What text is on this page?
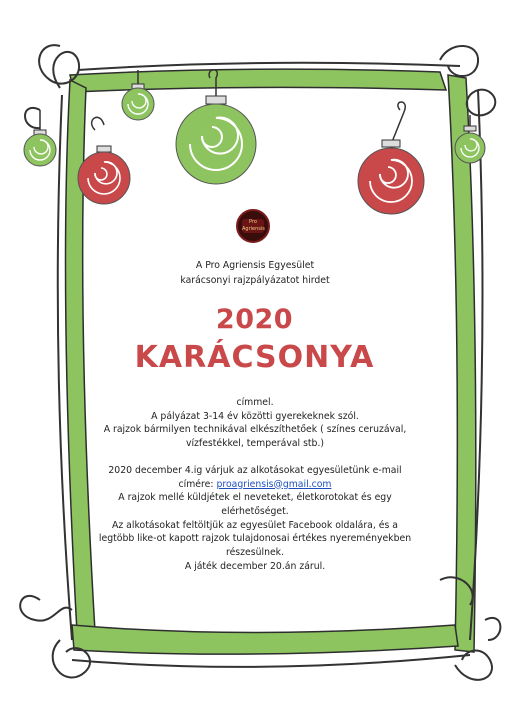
Pro Agriensis
A Pro Agriensis Egyesület
karácsonyi rajzpályázatot hirdet
2020
KARÁCSONYA
címmel.
A pályázat 3-14 év közötti gyerekeknek szól.
A rajzok bármilyen technikával elkészíthetőek ( színes ceruzával,
vízfestékkel, temperával stb.)
2020 december 4.ig várjuk az alkotásokat egyesületünk e-mail
címére: proagriensis@gmail.com
A rajzok mellé küldjétek el neveteket, életkorotokat és egy
elérhetőséget.
Az alkotásokat feltöltjük az egyesület Facebook oldalára, és a
legtöbb like-ot kapott rajzok tulajdonosai értékes nyereményekben
részesülnek.
A játék december 20.án zárul.
